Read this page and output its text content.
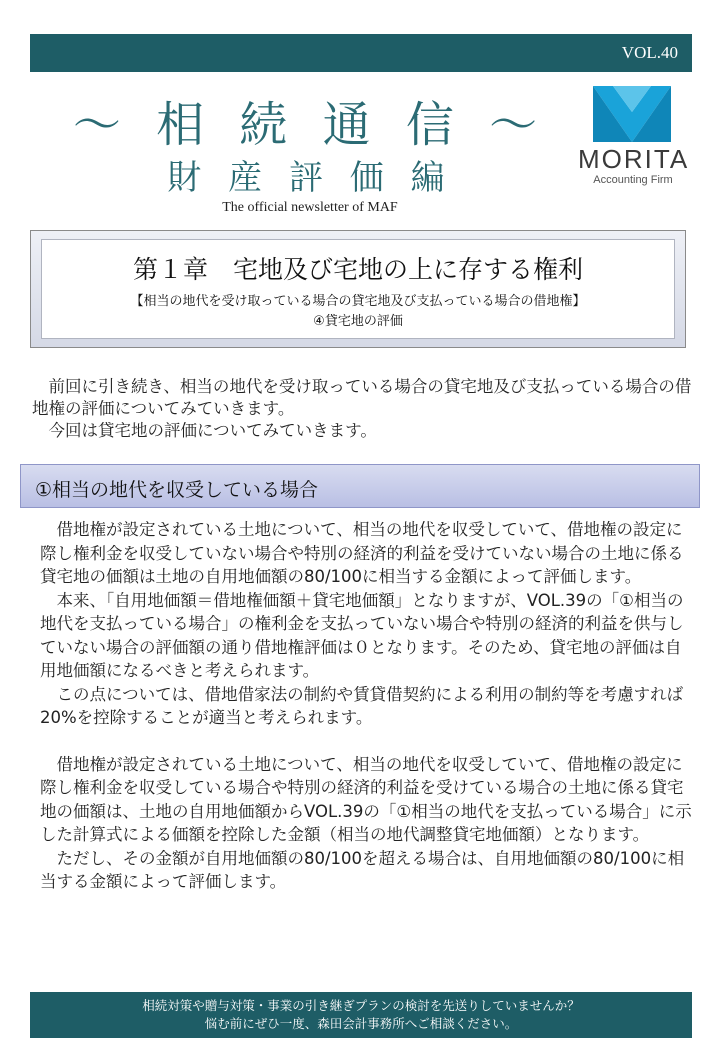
VOL.40
～ 相 続 通 信 ～
財 産 評 価 編
The official newsletter of MAF
MORITA
Accounting Firm
第１章　宅地及び宅地の上に存する権利
【相当の地代を受け取っている場合の貸宅地及び支払っている場合の借地権】
④貸宅地の評価

前回に引き続き、相当の地代を受け取っている場合の貸宅地及び支払っている場合の借地権の評価についてみていきます。

今回は貸宅地の評価についてみていきます。

①相当の地代を収受している場合

借地権が設定されている土地について、相当の地代を収受していて、借地権の設定に際し権利金を収受していない場合や特別の経済的利益を受けていない場合の土地に係る貸宅地の価額は土地の自用地価額の80/100に相当する金額によって評価します。

本来、「自用地価額＝借地権価額＋貸宅地価額」となりますが、VOL.39の「①相当の地代を支払っている場合」の権利金を支払っていない場合や特別の経済的利益を供与していない場合の評価額の通り借地権評価は０となります。そのため、貸宅地の評価は自用地価額になるべきと考えられます。

この点については、借地借家法の制約や賃貸借契約による利用の制約等を考慮すれば20%を控除することが適当と考えられます。

借地権が設定されている土地について、相当の地代を収受していて、借地権の設定に際し権利金を収受している場合や特別の経済的利益を受けている場合の土地に係る貸宅地の価額は、土地の自用地価額からVOL.39の「①相当の地代を支払っている場合」に示した計算式による価額を控除した金額（相当の地代調整貸宅地価額）となります。

ただし、その金額が自用地価額の80/100を超える場合は、自用地価額の80/100に相当する金額によって評価します。

相続対策や贈与対策・事業の引き継ぎプランの検討を先送りしていませんか？
悩む前にぜひ一度、森田会計事務所へご相談ください。
